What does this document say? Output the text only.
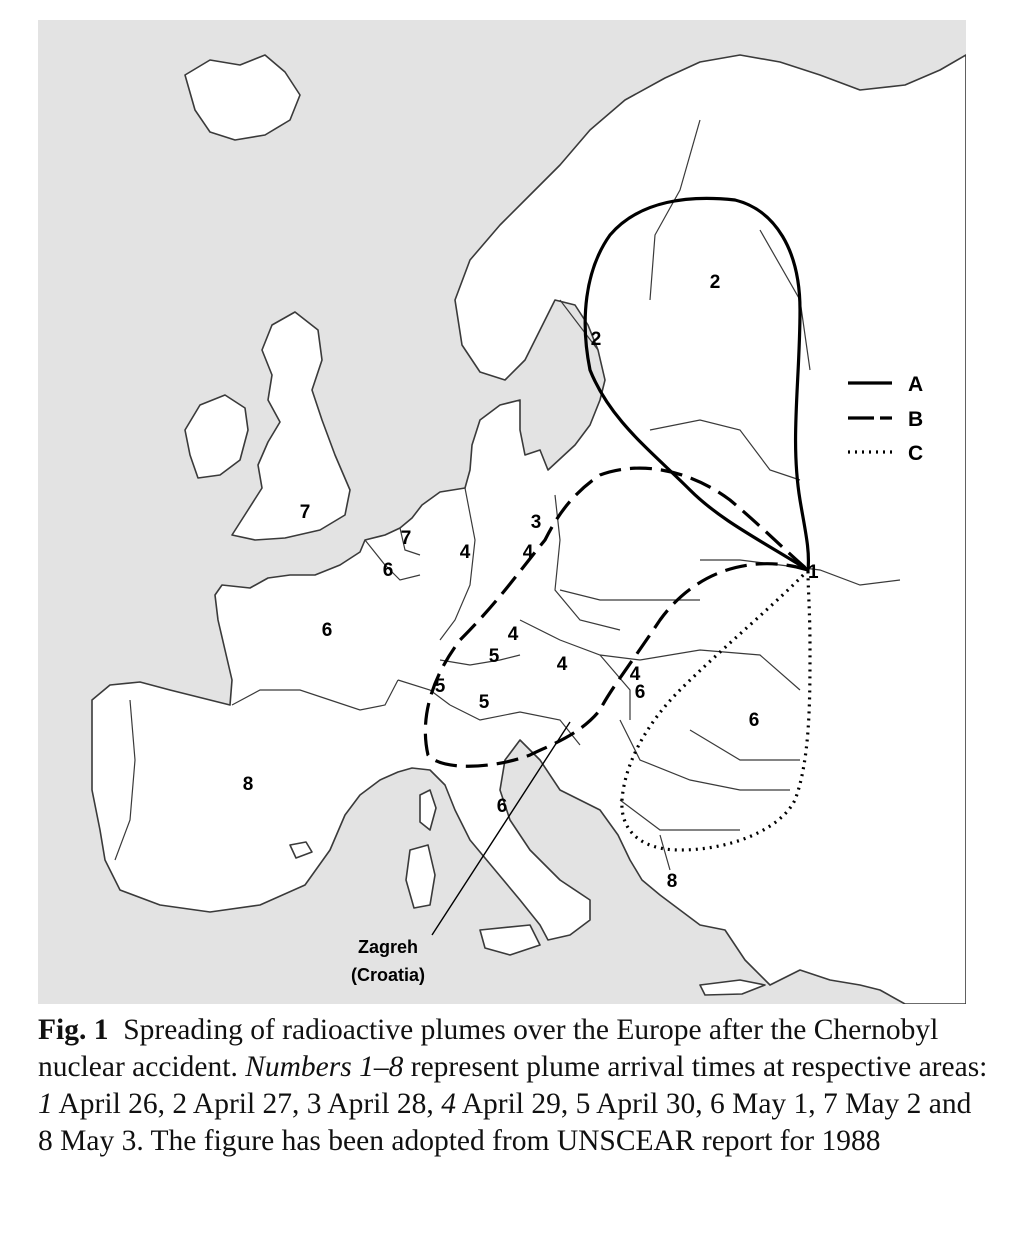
1
2
2
3
4
4
4
5	4	4
5
5	6
6
6
6
6
7
7
8
8
A
B
C
Zagreh
(Croatia)
Fig. 1 Spreading of radioactive plumes over the Europe after the Chernobyl nuclear accident. Numbers 1–8 represent plume arrival times at respective areas: 1 April 26, 2 April 27, 3 April 28, 4 April 29, 5 April 30, 6 May 1, 7 May 2 and 8 May 3. The figure has been adopted from UNSCEAR report for 1988
